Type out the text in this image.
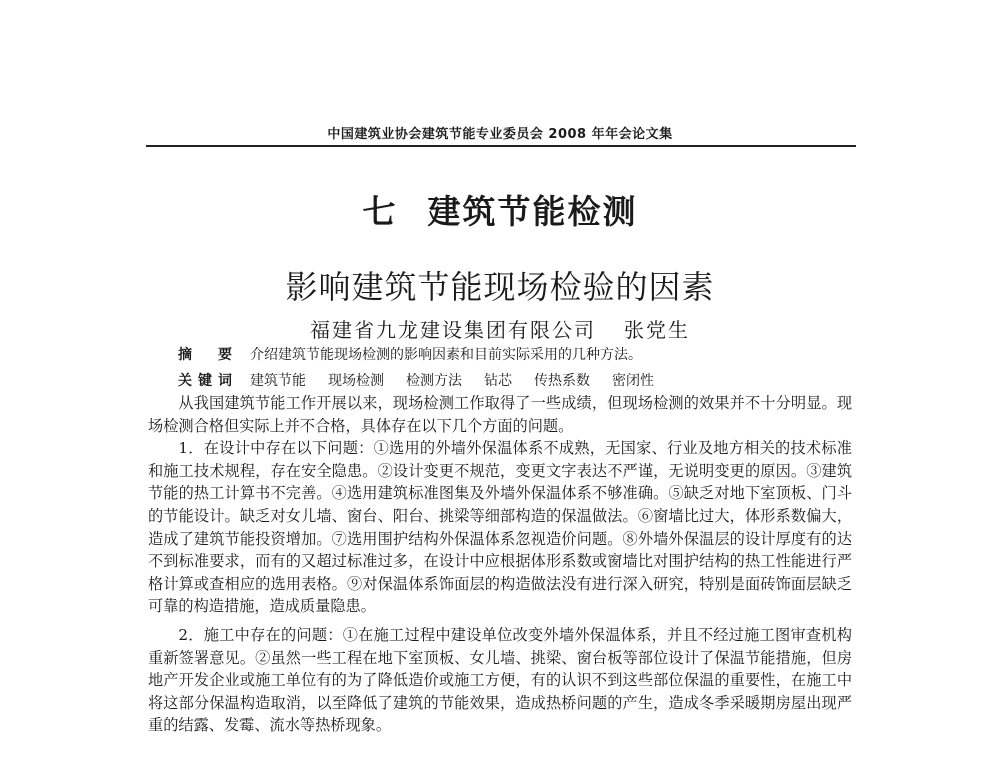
中国建筑业协会建筑节能专业委员会 2008 年年会论文集
七 建筑节能检测
影响建筑节能现场检验的因素
福建省九龙建设集团有限公司 张党生
摘　要 介绍建筑节能现场检测的影响因素和目前实际采用的几种方法。
关键词 建筑节能 现场检测 检测方法 钻芯 传热系数 密闭性

从我国建筑节能工作开展以来，现场检测工作取得了一些成绩，但现场检测的效果并不十分明显。现场检测合格但实际上并不合格，具体存在以下几个方面的问题。

1．在设计中存在以下问题：①选用的外墙外保温体系不成熟，无国家、行业及地方相关的技术标准和施工技术规程，存在安全隐患。②设计变更不规范，变更文字表达不严谨，无说明变更的原因。③建筑节能的热工计算书不完善。④选用建筑标准图集及外墙外保温体系不够准确。⑤缺乏对地下室顶板、门斗的节能设计。缺乏对女儿墙、窗台、阳台、挑梁等细部构造的保温做法。⑥窗墙比过大，体形系数偏大，造成了建筑节能投资增加。⑦选用围护结构外保温体系忽视造价问题。⑧外墙外保温层的设计厚度有的达不到标准要求，而有的又超过标准过多，在设计中应根据体形系数或窗墙比对围护结构的热工性能进行严格计算或查相应的选用表格。⑨对保温体系饰面层的构造做法没有进行深入研究，特别是面砖饰面层缺乏可靠的构造措施，造成质量隐患。

2．施工中存在的问题：①在施工过程中建设单位改变外墙外保温体系，并且不经过施工图审查机构重新签署意见。②虽然一些工程在地下室顶板、女儿墙、挑梁、窗台板等部位设计了保温节能措施，但房地产开发企业或施工单位有的为了降低造价或施工方便，有的认识不到这些部位保温的重要性，在施工中将这部分保温构造取消，以至降低了建筑的节能效果，造成热桥问题的产生，造成冬季采暖期房屋出现严重的结露、发霉、流水等热桥现象。
